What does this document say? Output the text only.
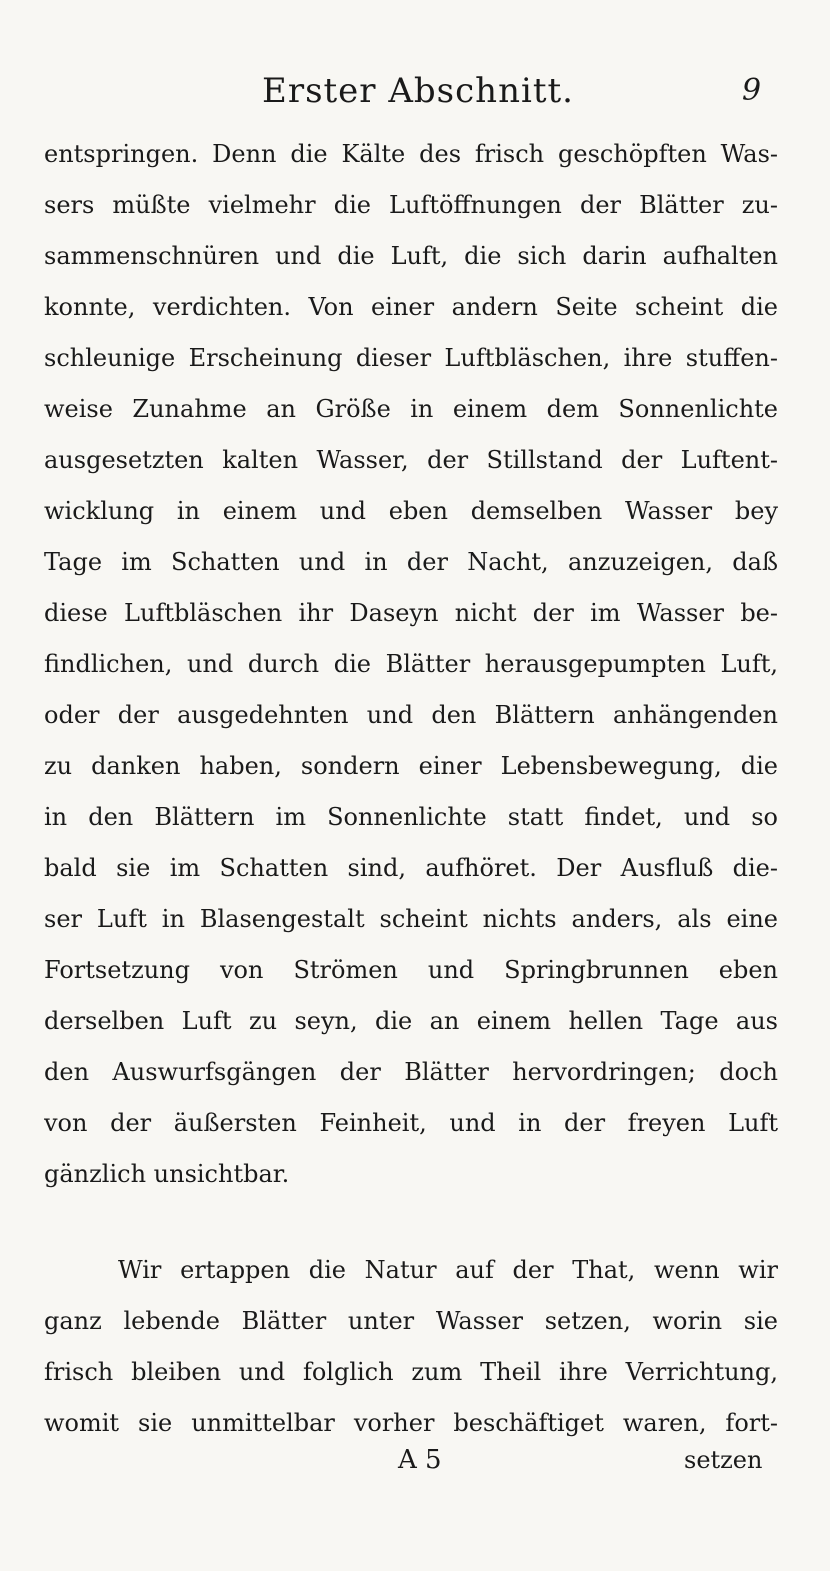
Erster Abschnitt.	9
entspringen. Denn die Kälte des frisch geschöpften Was-
sers müßte vielmehr die Luftöffnungen der Blätter zu-
sammenschnüren und die Luft, die sich darin aufhalten
konnte, verdichten. Von einer andern Seite scheint die
schleunige Erscheinung dieser Luftbläschen, ihre stuffen-
weise Zunahme an Größe in einem dem Sonnenlichte
ausgesetzten kalten Wasser, der Stillstand der Luftent-
wicklung in einem und eben demselben Wasser bey
Tage im Schatten und in der Nacht, anzuzeigen, daß
diese Luftbläschen ihr Daseyn nicht der im Wasser be-
findlichen, und durch die Blätter herausgepumpten Luft,
oder der ausgedehnten und den Blättern anhängenden
zu danken haben, sondern einer Lebensbewegung, die
in den Blättern im Sonnenlichte statt findet, und so
bald sie im Schatten sind, aufhöret. Der Ausfluß die-
ser Luft in Blasengestalt scheint nichts anders, als eine
Fortsetzung von Strömen und Springbrunnen eben
derselben Luft zu seyn, die an einem hellen Tage aus
den Auswurfsgängen der Blätter hervordringen; doch
von der äußersten Feinheit, und in der freyen Luft
gänzlich unsichtbar.
Wir ertappen die Natur auf der That, wenn wir
ganz lebende Blätter unter Wasser setzen, worin sie
frisch bleiben und folglich zum Theil ihre Verrichtung,
womit sie unmittelbar vorher beschäftiget waren, fort-
A 5	setzen
